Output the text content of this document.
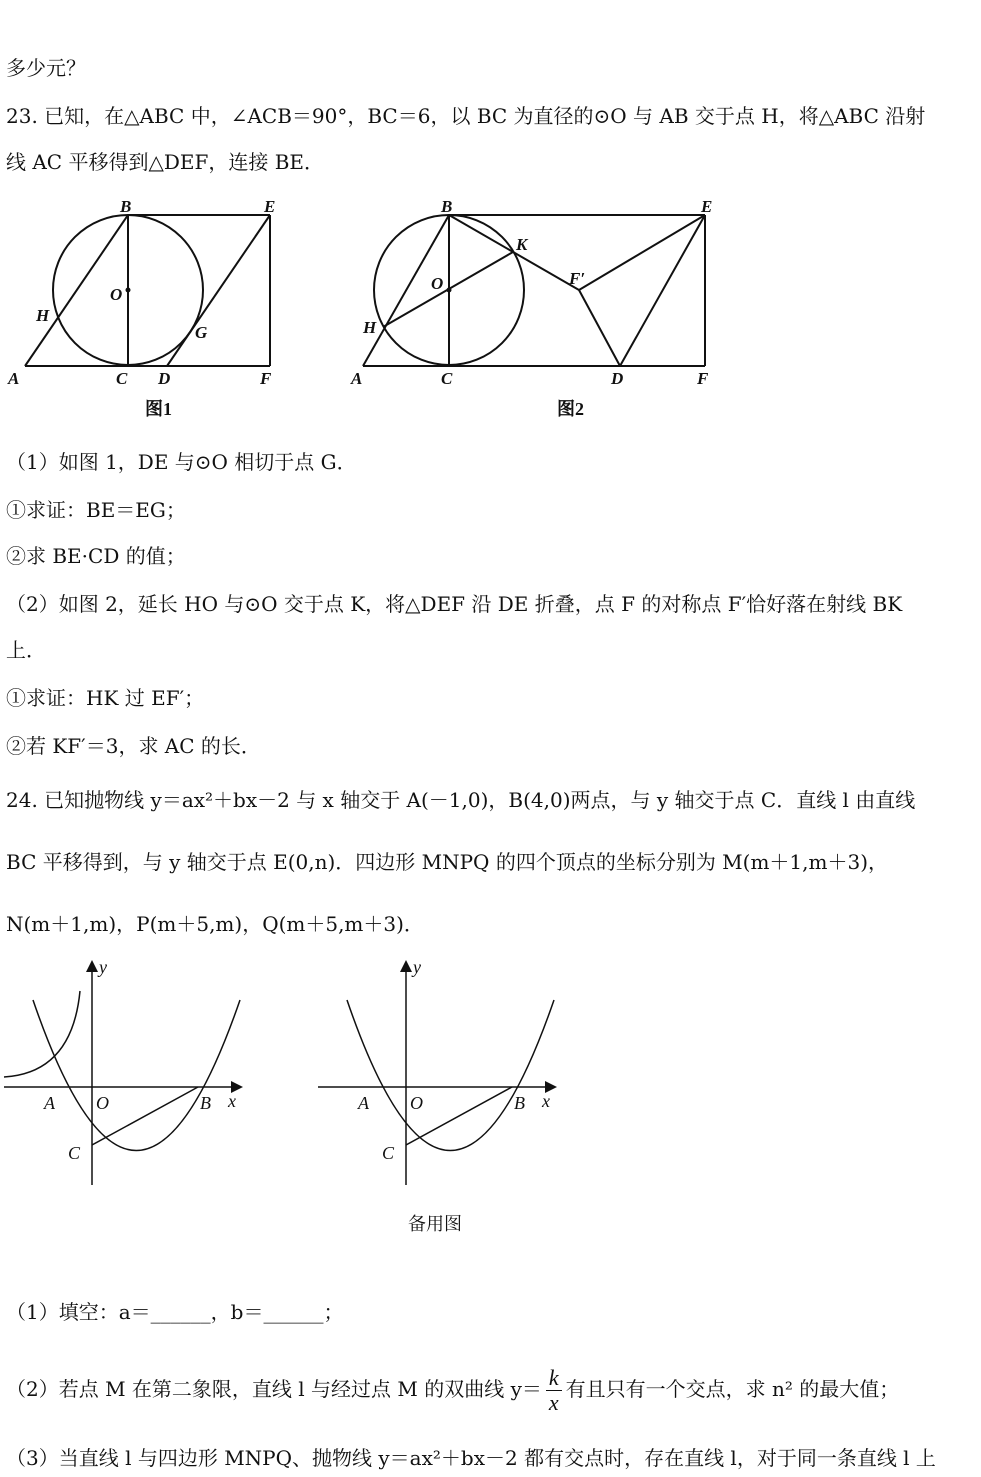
多少元？
23. 已知，在△ABC 中，∠ACB＝90°，BC＝6，以 BC 为直径的⊙O 与 AB 交于点 H，将△ABC 沿射
线 AC 平移得到△DEF，连接 BE．
B	E
O
H
G
A	C D	F
图1
B	E
K
O	F′
H
A	C	D	F
图2
（1）如图 1，DE 与⊙O 相切于点 G．
①求证：BE＝EG；
②求 BE·CD 的值；
（2）如图 2，延长 HO 与⊙O 交于点 K，将△DEF 沿 DE 折叠，点 F 的对称点 F′恰好落在射线 BK
上．
①求证：HK 过 EF′；
②若 KF′＝3，求 AC 的长．
24. 已知抛物线 y＝ax²＋bx－2 与 x 轴交于 A(－1,0)，B(4,0)两点，与 y 轴交于点 C．直线 l 由直线
BC 平移得到，与 y 轴交于点 E(0,n)．四边形 MNPQ 的四个顶点的坐标分别为 M(m＋1,m＋3)，
N(m＋1,m)，P(m＋5,m)，Q(m＋5,m＋3)．
y
x
A O	B
C
y
x
A O	B
C
备用图
（1）填空：a＝______，b＝______；
（2）若点 M 在第二象限，直线 l 与经过点 M 的双曲线 $y= \frac{k}{x}$ 有且只有一个交点，求 n² 的最大值；
（3）当直线 l 与四边形 MNPQ、抛物线 y＝ax²＋bx－2 都有交点时，存在直线 l，对于同一条直线 l 上
